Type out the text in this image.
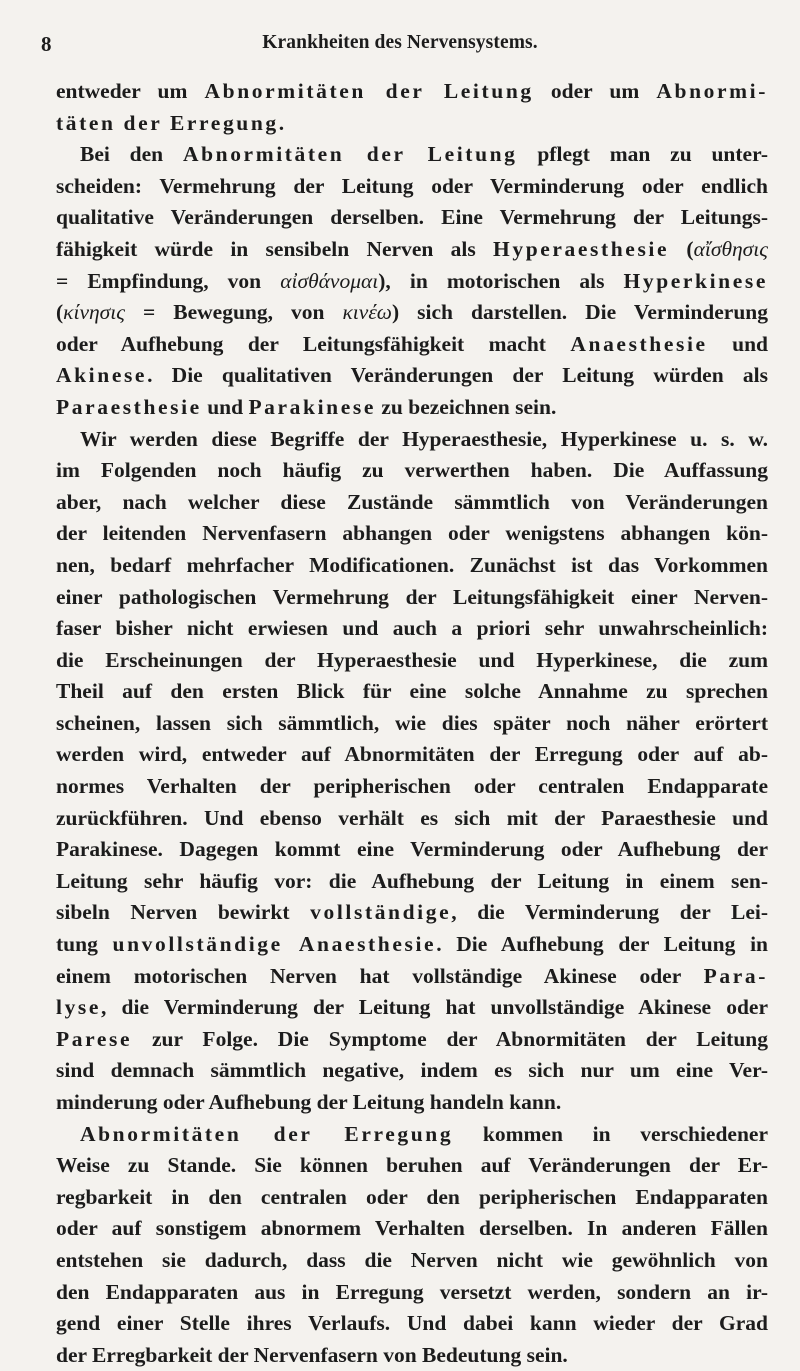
8	Krankheiten des Nervensystems.
entweder um Abnormitäten der Leitung oder um Abnormi-
täten der Erregung.
Bei den Abnormitäten der Leitung pflegt man zu unter-
scheiden: Vermehrung der Leitung oder Verminderung oder endlich
qualitative Veränderungen derselben. Eine Vermehrung der Leitungs-
fähigkeit würde in sensibeln Nerven als Hyperaesthesie (αἴσθησις
= Empfindung, von αἰσθάνομαι), in motorischen als Hyperkinese
(κίνησις = Bewegung, von κινέω) sich darstellen. Die Verminderung
oder Aufhebung der Leitungsfähigkeit macht Anaesthesie und
Akinese. Die qualitativen Veränderungen der Leitung würden als
Paraesthesie und Parakinese zu bezeichnen sein.
Wir werden diese Begriffe der Hyperaesthesie, Hyperkinese u. s. w.
im Folgenden noch häufig zu verwerthen haben. Die Auffassung
aber, nach welcher diese Zustände sämmtlich von Veränderungen
der leitenden Nervenfasern abhangen oder wenigstens abhangen kön-
nen, bedarf mehrfacher Modificationen. Zunächst ist das Vorkommen
einer pathologischen Vermehrung der Leitungsfähigkeit einer Nerven-
faser bisher nicht erwiesen und auch a priori sehr unwahrscheinlich:
die Erscheinungen der Hyperaesthesie und Hyperkinese, die zum
Theil auf den ersten Blick für eine solche Annahme zu sprechen
scheinen, lassen sich sämmtlich, wie dies später noch näher erörtert
werden wird, entweder auf Abnormitäten der Erregung oder auf ab-
normes Verhalten der peripherischen oder centralen Endapparate
zurückführen. Und ebenso verhält es sich mit der Paraesthesie und
Parakinese. Dagegen kommt eine Verminderung oder Aufhebung der
Leitung sehr häufig vor: die Aufhebung der Leitung in einem sen-
sibeln Nerven bewirkt vollständige, die Verminderung der Lei-
tung unvollständige Anaesthesie. Die Aufhebung der Leitung in
einem motorischen Nerven hat vollständige Akinese oder Para-
lyse, die Verminderung der Leitung hat unvollständige Akinese oder
Parese zur Folge. Die Symptome der Abnormitäten der Leitung
sind demnach sämmtlich negative, indem es sich nur um eine Ver-
minderung oder Aufhebung der Leitung handeln kann.
Abnormitäten der Erregung kommen in verschiedener
Weise zu Stande. Sie können beruhen auf Veränderungen der Er-
regbarkeit in den centralen oder den peripherischen Endapparaten
oder auf sonstigem abnormem Verhalten derselben. In anderen Fällen
entstehen sie dadurch, dass die Nerven nicht wie gewöhnlich von
den Endapparaten aus in Erregung versetzt werden, sondern an ir-
gend einer Stelle ihres Verlaufs. Und dabei kann wieder der Grad
der Erregbarkeit der Nervenfasern von Bedeutung sein.
